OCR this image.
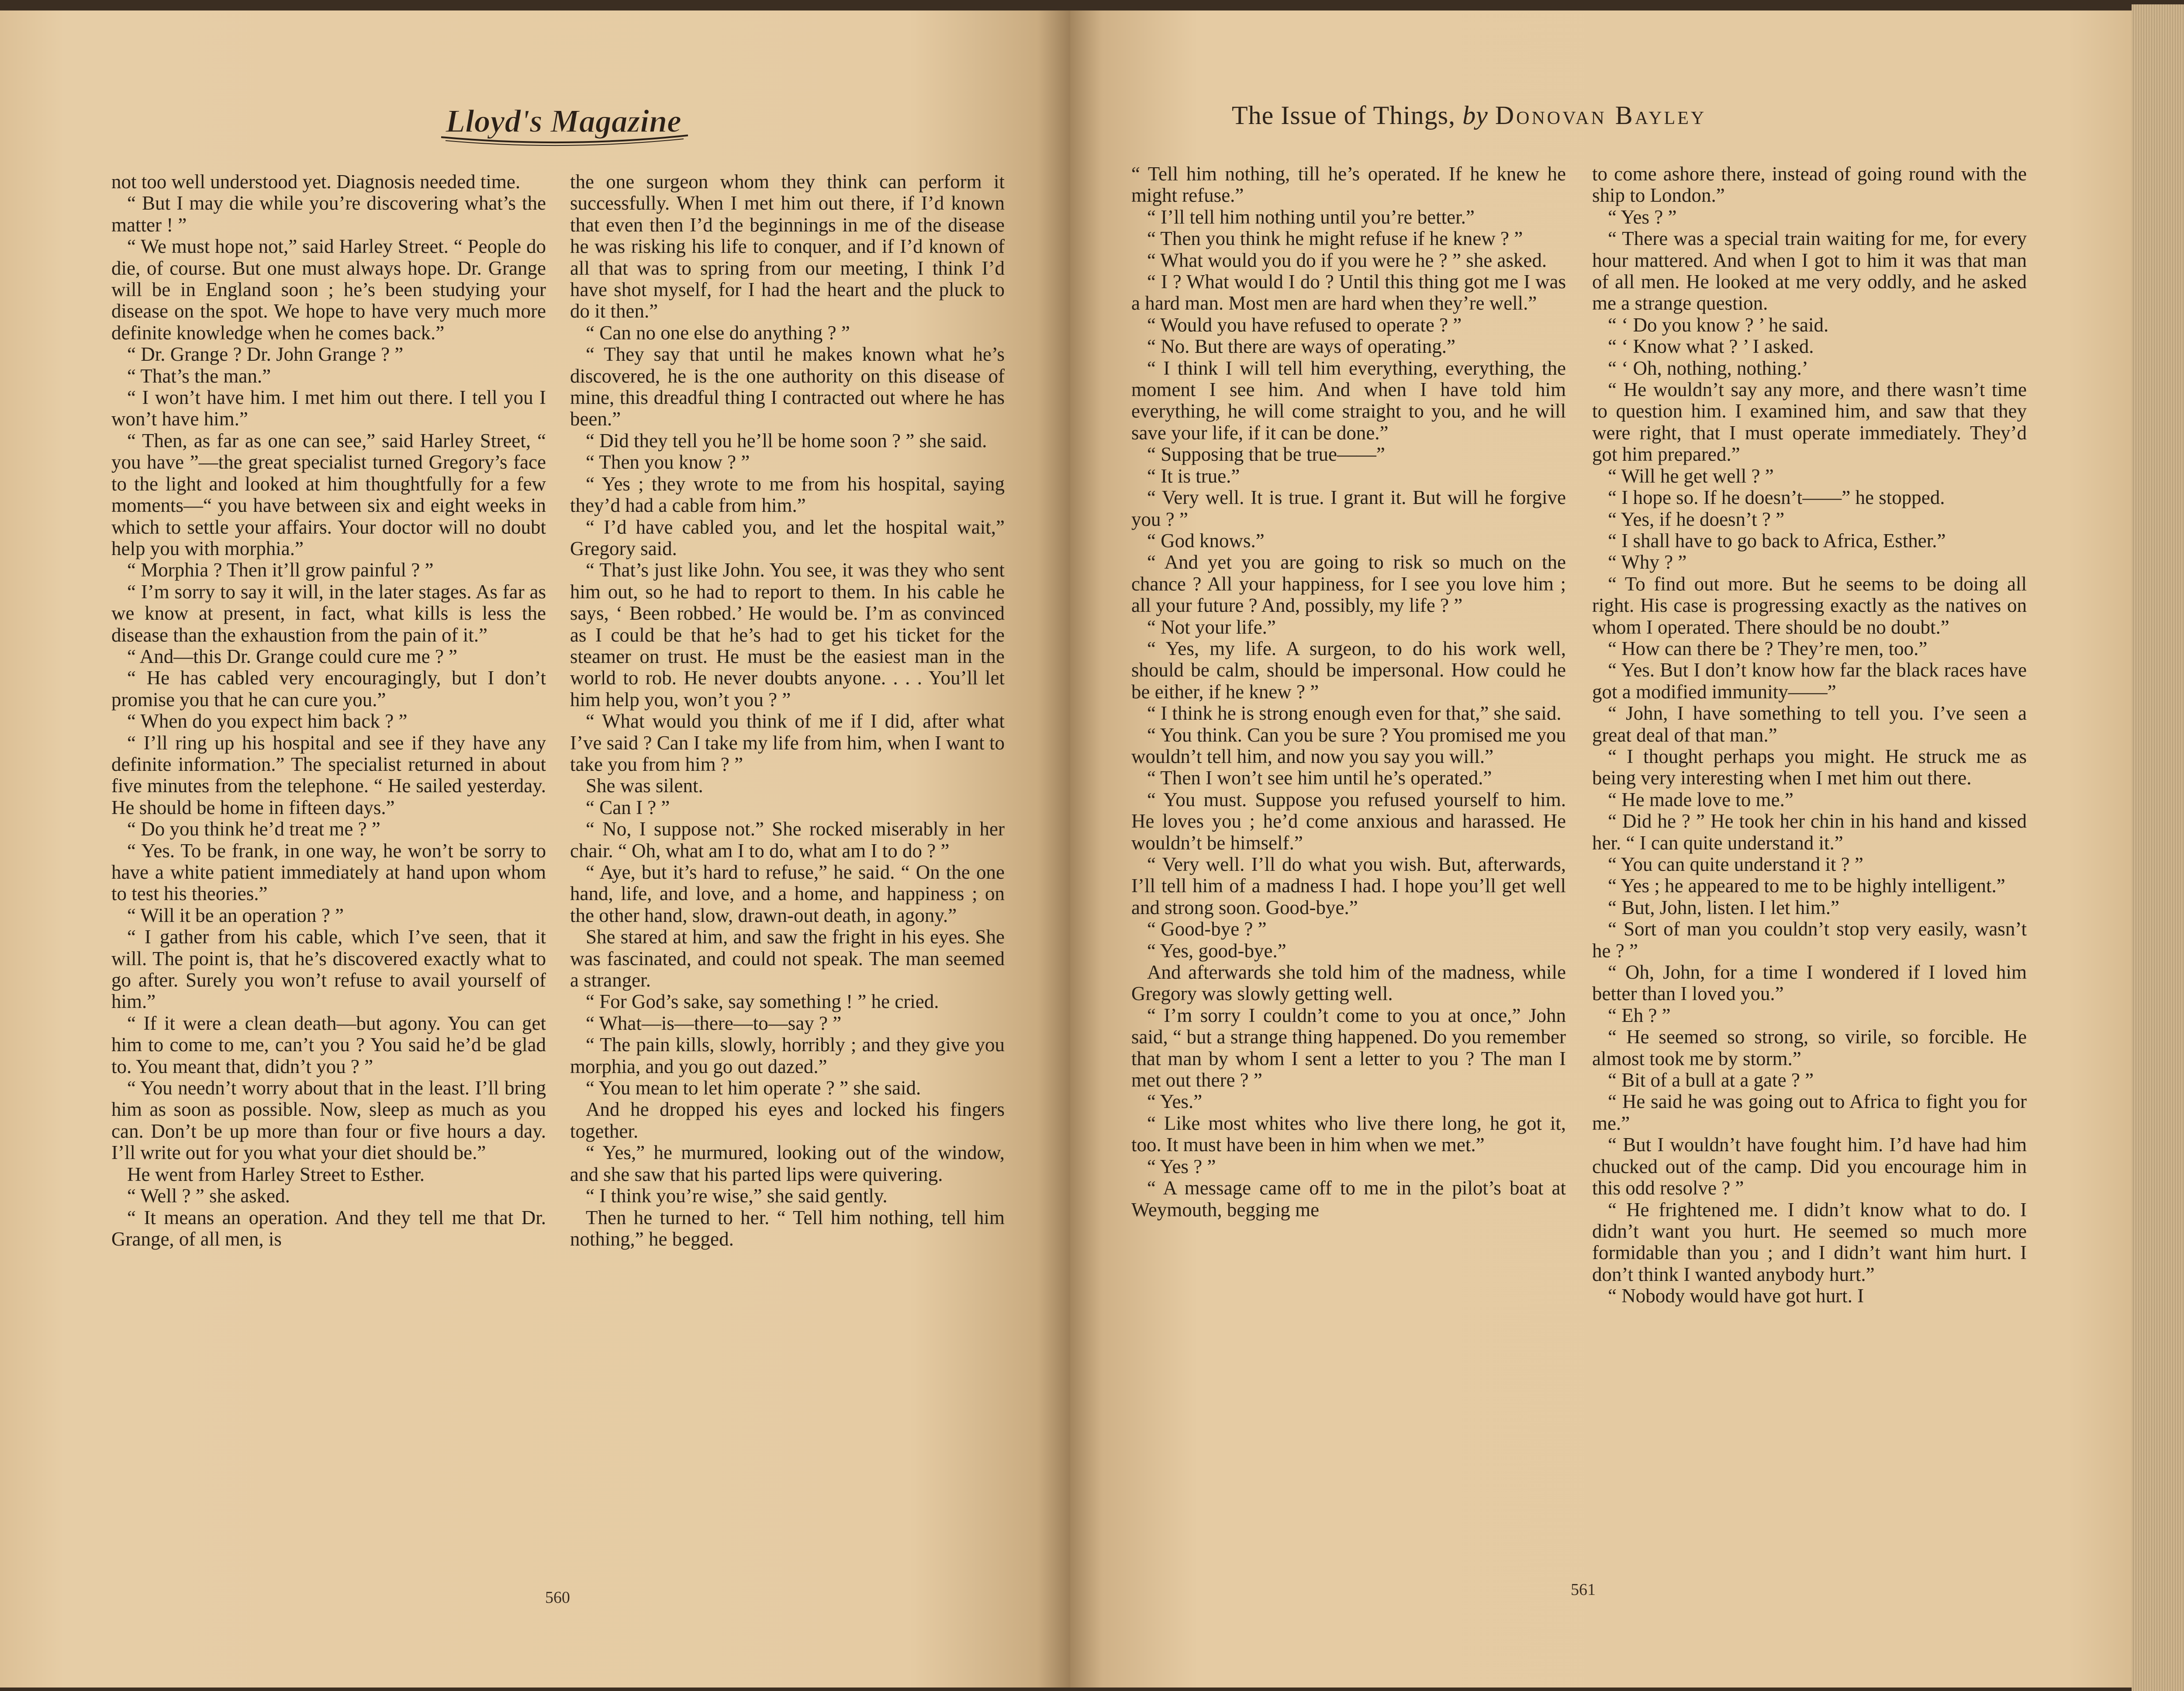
Lloyd's Magazine	The Issue of Things, by Donovan Bayley

not too well understood yet. Diagnosis needed time.

“ But I may die while you’re discovering what’s the matter ! ”

“ We must hope not,” said Harley Street. “ People do die, of course. But one must always hope. Dr. Grange will be in England soon ; he’s been studying your disease on the spot. We hope to have very much more definite knowledge when he comes back.”

“ Dr. Grange ? Dr. John Grange ? ”

“ That’s the man.”

“ I won’t have him. I met him out there. I tell you I won’t have him.”

“ Then, as far as one can see,” said Harley Street, “ you have ”—the great specialist turned Gregory’s face to the light and looked at him thoughtfully for a few moments—“ you have between six and eight weeks in which to settle your affairs. Your doctor will no doubt help you with morphia.”

“ Morphia ? Then it’ll grow painful ? ”

“ I’m sorry to say it will, in the later stages. As far as we know at present, in fact, what kills is less the disease than the exhaustion from the pain of it.”

“ And—this Dr. Grange could cure me ? ”

“ He has cabled very encouragingly, but I don’t promise you that he can cure you.”

“ When do you expect him back ? ”

“ I’ll ring up his hospital and see if they have any definite information.” The specialist returned in about five minutes from the telephone. “ He sailed yesterday. He should be home in fifteen days.”

“ Do you think he’d treat me ? ”

“ Yes. To be frank, in one way, he won’t be sorry to have a white patient immediately at hand upon whom to test his theories.”

“ Will it be an operation ? ”

“ I gather from his cable, which I’ve seen, that it will. The point is, that he’s discovered exactly what to go after. Surely you won’t refuse to avail yourself of him.”

“ If it were a clean death—but agony. You can get him to come to me, can’t you ? You said he’d be glad to. You meant that, didn’t you ? ”

“ You needn’t worry about that in the least. I’ll bring him as soon as possible. Now, sleep as much as you can. Don’t be up more than four or five hours a day. I’ll write out for you what your diet should be.”

He went from Harley Street to Esther.

“ Well ? ” she asked.

“ It means an operation. And they tell me that Dr. Grange, of all men, is

the one surgeon whom they think can perform it successfully. When I met him out there, if I’d known that even then I’d the beginnings in me of the disease he was risking his life to conquer, and if I’d known of all that was to spring from our meeting, I think I’d have shot myself, for I had the heart and the pluck to do it then.”

“ Can no one else do anything ? ”

“ They say that until he makes known what he’s discovered, he is the one authority on this disease of mine, this dreadful thing I contracted out where he has been.”

“ Did they tell you he’ll be home soon ? ” she said.

“ Then you know ? ”

“ Yes ; they wrote to me from his hospital, saying they’d had a cable from him.”

“ I’d have cabled you, and let the hospital wait,” Gregory said.

“ That’s just like John. You see, it was they who sent him out, so he had to report to them. In his cable he says, ‘ Been robbed.’ He would be. I’m as convinced as I could be that he’s had to get his ticket for the steamer on trust. He must be the easiest man in the world to rob. He never doubts anyone. . . . You’ll let him help you, won’t you ? ”

“ What would you think of me if I did, after what I’ve said ? Can I take my life from him, when I want to take you from him ? ”

She was silent.

“ Can I ? ”

“ No, I suppose not.” She rocked miserably in her chair. “ Oh, what am I to do, what am I to do ? ”

“ Aye, but it’s hard to refuse,” he said. “ On the one hand, life, and love, and a home, and happiness ; on the other hand, slow, drawn-out death, in agony.”

She stared at him, and saw the fright in his eyes. She was fascinated, and could not speak. The man seemed a stranger.

“ For God’s sake, say something ! ” he cried.

“ What—is—there—to—say ? ”

“ The pain kills, slowly, horribly ; and they give you morphia, and you go out dazed.”

“ You mean to let him operate ? ” she said.

And he dropped his eyes and locked his fingers together.

“ Yes,” he murmured, looking out of the window, and she saw that his parted lips were quivering.

“ I think you’re wise,” she said gently.

Then he turned to her. “ Tell him nothing, tell him nothing,” he begged.

“ Tell him nothing, till he’s operated. If he knew he might refuse.”

“ I’ll tell him nothing until you’re better.”

“ Then you think he might refuse if he knew ? ”

“ What would you do if you were he ? ” she asked.

“ I ? What would I do ? Until this thing got me I was a hard man. Most men are hard when they’re well.”

“ Would you have refused to operate ? ”

“ No. But there are ways of operating.”

“ I think I will tell him everything, everything, the moment I see him. And when I have told him everything, he will come straight to you, and he will save your life, if it can be done.”

“ Supposing that be true——”

“ It is true.”

“ Very well. It is true. I grant it. But will he forgive you ? ”

“ God knows.”

“ And yet you are going to risk so much on the chance ? All your happiness, for I see you love him ; all your future ? And, possibly, my life ? ”

“ Not your life.”

“ Yes, my life. A surgeon, to do his work well, should be calm, should be impersonal. How could he be either, if he knew ? ”

“ I think he is strong enough even for that,” she said.

“ You think. Can you be sure ? You promised me you wouldn’t tell him, and now you say you will.”

“ Then I won’t see him until he’s operated.”

“ You must. Suppose you refused yourself to him. He loves you ; he’d come anxious and harassed. He wouldn’t be himself.”

“ Very well. I’ll do what you wish. But, afterwards, I’ll tell him of a madness I had. I hope you’ll get well and strong soon. Good-bye.”

“ Good-bye ? ”

“ Yes, good-bye.”

And afterwards she told him of the madness, while Gregory was slowly getting well.

“ I’m sorry I couldn’t come to you at once,” John said, “ but a strange thing happened. Do you remember that man by whom I sent a letter to you ? The man I met out there ? ”

“ Yes.”

“ Like most whites who live there long, he got it, too. It must have been in him when we met.”

“ Yes ? ”

“ A message came off to me in the pilot’s boat at Weymouth, begging me

to come ashore there, instead of going round with the ship to London.”

“ Yes ? ”

“ There was a special train waiting for me, for every hour mattered. And when I got to him it was that man of all men. He looked at me very oddly, and he asked me a strange question.

“ ‘ Do you know ? ’ he said.

“ ‘ Know what ? ’ I asked.

“ ‘ Oh, nothing, nothing.’

“ He wouldn’t say any more, and there wasn’t time to question him. I examined him, and saw that they were right, that I must operate immediately. They’d got him prepared.”

“ Will he get well ? ”

“ I hope so. If he doesn’t——” he stopped.

“ Yes, if he doesn’t ? ”

“ I shall have to go back to Africa, Esther.”

“ Why ? ”

“ To find out more. But he seems to be doing all right. His case is progressing exactly as the natives on whom I operated. There should be no doubt.”

“ How can there be ? They’re men, too.”

“ Yes. But I don’t know how far the black races have got a modified immunity——”

“ John, I have something to tell you. I’ve seen a great deal of that man.”

“ I thought perhaps you might. He struck me as being very interesting when I met him out there.

“ He made love to me.”

“ Did he ? ” He took her chin in his hand and kissed her. “ I can quite understand it.”

“ You can quite understand it ? ”

“ Yes ; he appeared to me to be highly intelligent.”

“ But, John, listen. I let him.”

“ Sort of man you couldn’t stop very easily, wasn’t he ? ”

“ Oh, John, for a time I wondered if I loved him better than I loved you.”

“ Eh ? ”

“ He seemed so strong, so virile, so forcible. He almost took me by storm.”

“ Bit of a bull at a gate ? ”

“ He said he was going out to Africa to fight you for me.”

“ But I wouldn’t have fought him. I’d have had him chucked out of the camp. Did you encourage him in this odd resolve ? ”

“ He frightened me. I didn’t know what to do. I didn’t want you hurt. He seemed so much more formidable than you ; and I didn’t want him hurt. I don’t think I wanted anybody hurt.”

“ Nobody would have got hurt. I

560	561
